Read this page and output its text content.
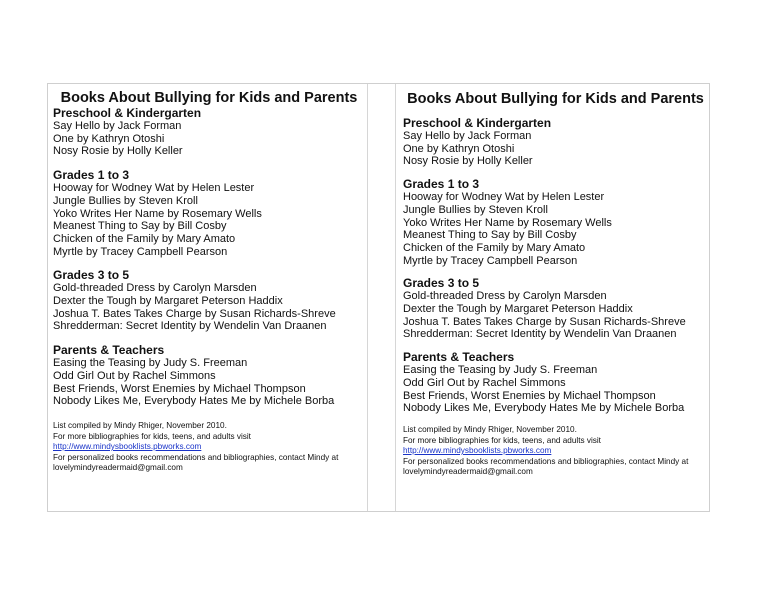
Books About Bullying for Kids and Parents
Preschool & Kindergarten
Say Hello by Jack Forman
One by Kathryn Otoshi
Nosy Rosie by Holly Keller
Grades 1 to 3
Hooway for Wodney Wat by Helen Lester
Jungle Bullies by Steven Kroll
Yoko Writes Her Name by Rosemary Wells
Meanest Thing to Say by Bill Cosby
Chicken of the Family by Mary Amato
Myrtle by Tracey Campbell Pearson
Grades 3 to 5
Gold-threaded Dress by Carolyn Marsden
Dexter the Tough by Margaret Peterson Haddix
Joshua T. Bates Takes Charge by Susan Richards-Shreve
Shredderman: Secret Identity by Wendelin Van Draanen
Parents & Teachers
Easing the Teasing by Judy S. Freeman
Odd Girl Out by Rachel Simmons
Best Friends, Worst Enemies by Michael Thompson
Nobody Likes Me, Everybody Hates Me by Michele Borba
List compiled by Mindy Rhiger, November 2010.
For more bibliographies for kids, teens, and adults visit
http://www.mindysbooklists.pbworks.com
For personalized books recommendations and bibliographies, contact Mindy at
lovelymindyreadermaid@gmail.com
Books About Bullying for Kids and Parents
Preschool & Kindergarten
Say Hello by Jack Forman
One by Kathryn Otoshi
Nosy Rosie by Holly Keller
Grades 1 to 3
Hooway for Wodney Wat by Helen Lester
Jungle Bullies by Steven Kroll
Yoko Writes Her Name by Rosemary Wells
Meanest Thing to Say by Bill Cosby
Chicken of the Family by Mary Amato
Myrtle by Tracey Campbell Pearson
Grades 3 to 5
Gold-threaded Dress by Carolyn Marsden
Dexter the Tough by Margaret Peterson Haddix
Joshua T. Bates Takes Charge by Susan Richards-Shreve
Shredderman: Secret Identity by Wendelin Van Draanen
Parents & Teachers
Easing the Teasing by Judy S. Freeman
Odd Girl Out by Rachel Simmons
Best Friends, Worst Enemies by Michael Thompson
Nobody Likes Me, Everybody Hates Me by Michele Borba
List compiled by Mindy Rhiger, November 2010.
For more bibliographies for kids, teens, and adults visit
http://www.mindysbooklists.pbworks.com
For personalized books recommendations and bibliographies, contact Mindy at
lovelymindyreadermaid@gmail.com
